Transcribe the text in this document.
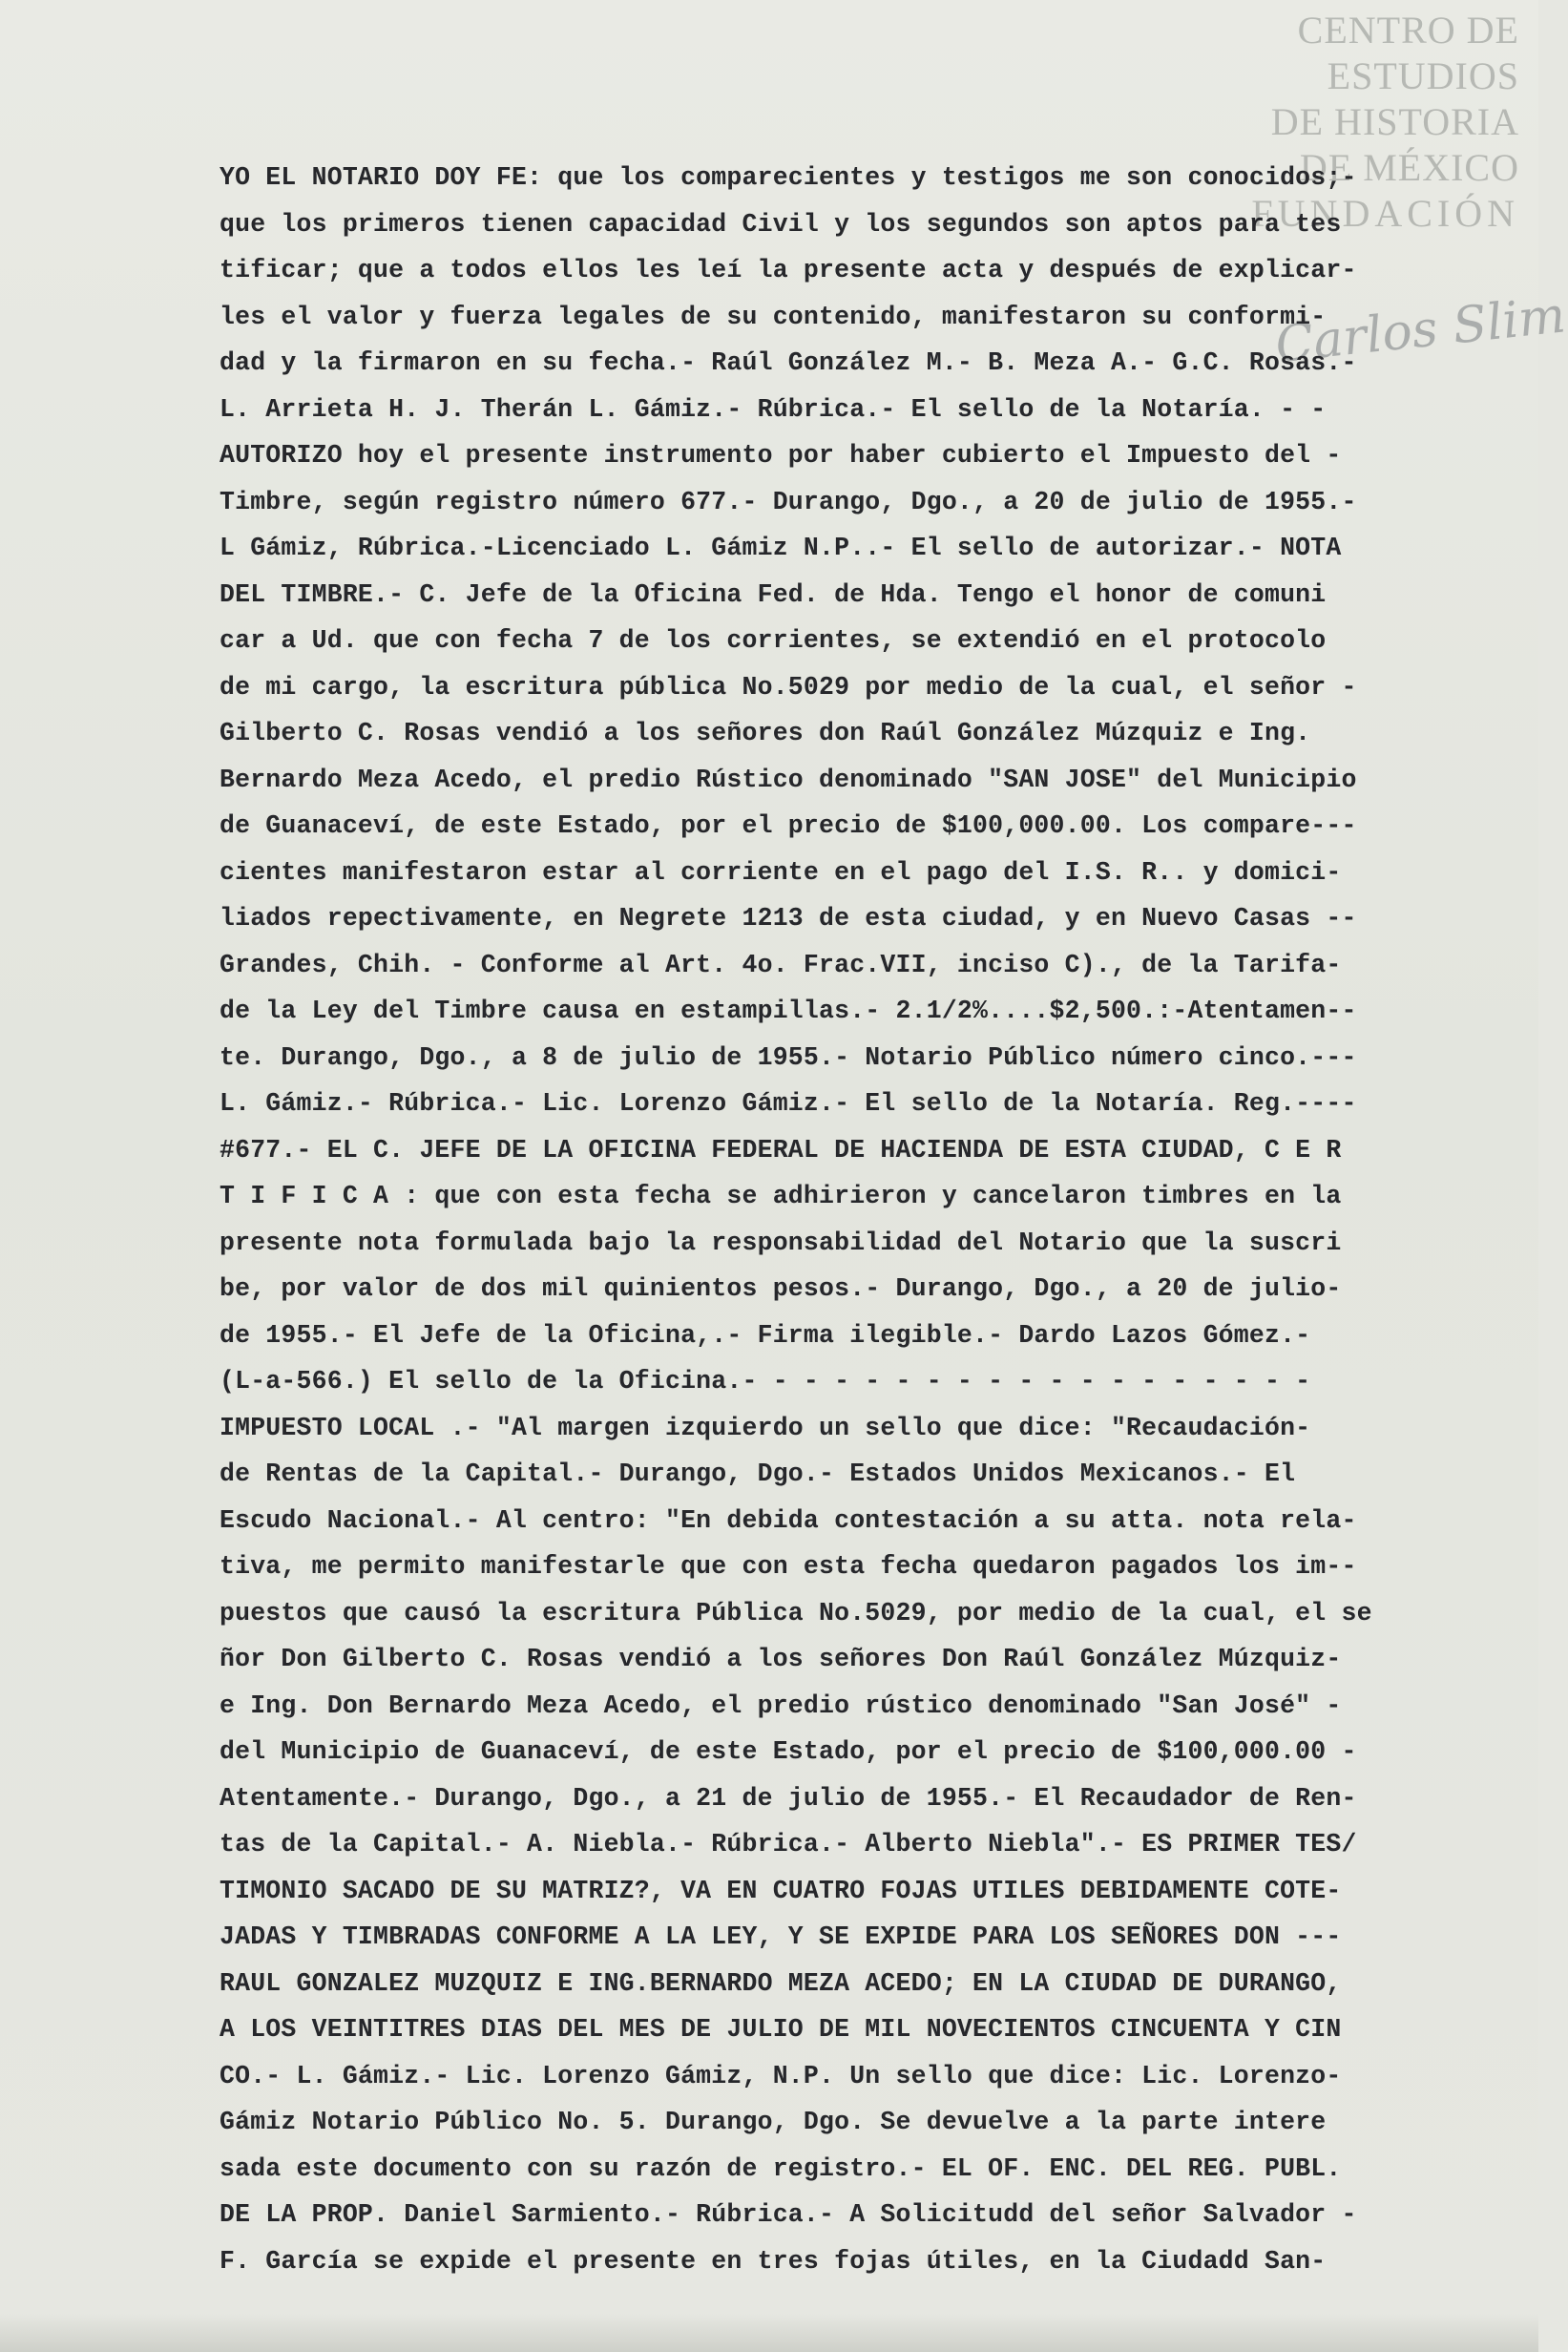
CENTRO DE
ESTUDIOS
DE HISTORIA
DE MÉXICO
FUNDACIÓN
Carlos Slim
YO EL NOTARIO DOY FE: que los comparecientes y testigos me son conocidos;-
que los primeros tienen capacidad Civil y los segundos son aptos para tes
tificar; que a todos ellos les leí la presente acta y después de explicar-
les el valor y fuerza legales de su contenido, manifestaron su conformi-
dad y la firmaron en su fecha.- Raúl González M.- B. Meza A.- G.C. Rosas.-
L. Arrieta H. J. Therán L. Gámiz.- Rúbrica.- El sello de la Notaría. - -
AUTORIZO hoy el presente instrumento por haber cubierto el Impuesto del -
Timbre, según registro número 677.- Durango, Dgo., a 20 de julio de 1955.-
L Gámiz, Rúbrica.-Licenciado L. Gámiz N.P..- El sello de autorizar.- NOTA
DEL TIMBRE.- C. Jefe de la Oficina Fed. de Hda. Tengo el honor de comuni
car a Ud. que con fecha 7 de los corrientes, se extendió en el protocolo
de mi cargo, la escritura pública No.5029 por medio de la cual, el señor -
Gilberto C. Rosas vendió a los señores don Raúl González Múzquiz e Ing.
Bernardo Meza Acedo, el predio Rústico denominado "SAN JOSE" del Municipio
de Guanaceví, de este Estado, por el precio de $100,000.00. Los compare---
cientes manifestaron estar al corriente en el pago del I.S. R.. y domici-
liados repectivamente, en Negrete 1213 de esta ciudad, y en Nuevo Casas --
Grandes, Chih. - Conforme al Art. 4o. Frac.VII, inciso C)., de la Tarifa-
de la Ley del Timbre causa en estampillas.- 2.1/2%....$2,500.:-Atentamen--
te. Durango, Dgo., a 8 de julio de 1955.- Notario Público número cinco.---
L. Gámiz.- Rúbrica.- Lic. Lorenzo Gámiz.- El sello de la Notaría. Reg.----
#677.- EL C. JEFE DE LA OFICINA FEDERAL DE HACIENDA DE ESTA CIUDAD, C E R
T I F I C A : que con esta fecha se adhirieron y cancelaron timbres en la
presente nota formulada bajo la responsabilidad del Notario que la suscri
be, por valor de dos mil quinientos pesos.- Durango, Dgo., a 20 de julio-
de 1955.- El Jefe de la Oficina,.- Firma ilegible.- Dardo Lazos Gómez.-
(L-a-566.) El sello de la Oficina.- - - - - - - - - - - - - - - - - - -
IMPUESTO LOCAL .- "Al margen izquierdo un sello que dice: "Recaudación-
de Rentas de la Capital.- Durango, Dgo.- Estados Unidos Mexicanos.- El
Escudo Nacional.- Al centro: "En debida contestación a su atta. nota rela-
tiva, me permito manifestarle que con esta fecha quedaron pagados los im--
puestos que causó la escritura Pública No.5029, por medio de la cual, el se
ñor Don Gilberto C. Rosas vendió a los señores Don Raúl González Múzquiz-
e Ing. Don Bernardo Meza Acedo, el predio rústico denominado "San José" -
del Municipio de Guanaceví, de este Estado, por el precio de $100,000.00 -
Atentamente.- Durango, Dgo., a 21 de julio de 1955.- El Recaudador de Ren-
tas de la Capital.- A. Niebla.- Rúbrica.- Alberto Niebla".- ES PRIMER TES/
TIMONIO SACADO DE SU MATRIZ?, VA EN CUATRO FOJAS UTILES DEBIDAMENTE COTE-
JADAS Y TIMBRADAS CONFORME A LA LEY, Y SE EXPIDE PARA LOS SEÑORES DON ---
RAUL GONZALEZ MUZQUIZ E ING.BERNARDO MEZA ACEDO; EN LA CIUDAD DE DURANGO,
A LOS VEINTITRES DIAS DEL MES DE JULIO DE MIL NOVECIENTOS CINCUENTA Y CIN
CO.- L. Gámiz.- Lic. Lorenzo Gámiz, N.P. Un sello que dice: Lic. Lorenzo-
Gámiz Notario Público No. 5. Durango, Dgo. Se devuelve a la parte intere
sada este documento con su razón de registro.- EL OF. ENC. DEL REG. PUBL.
DE LA PROP. Daniel Sarmiento.- Rúbrica.- A Solicitudd del señor Salvador -
F. García se expide el presente en tres fojas útiles, en la Ciudadd San-
